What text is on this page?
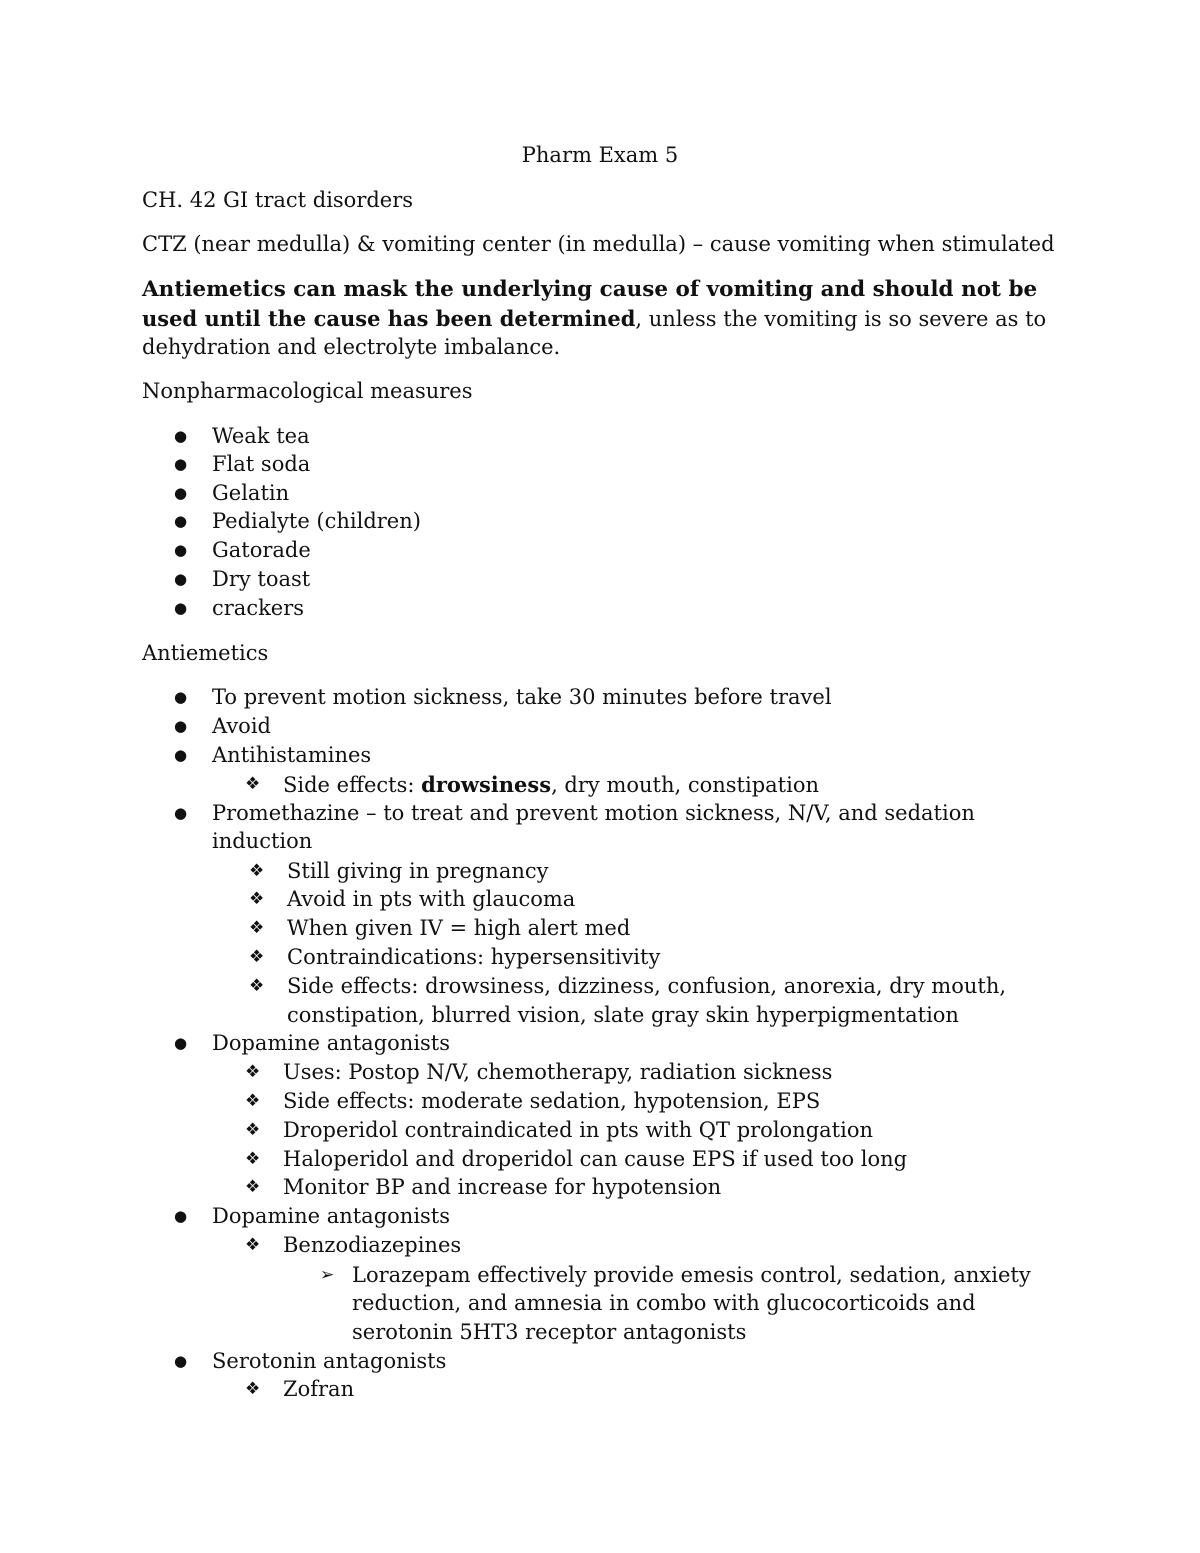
Pharm Exam 5
CH. 42 GI tract disorders
CTZ (near medulla) & vomiting center (in medulla) – cause vomiting when stimulated
Antiemetics can mask the underlying cause of vomiting and should not be
used until the cause has been determined, unless the vomiting is so severe as to
dehydration and electrolyte imbalance.
Nonpharmacological measures
● Weak tea
● Flat soda
● Gelatin
● Pedialyte (children)
● Gatorade
● Dry toast
● crackers
Antiemetics
● To prevent motion sickness, take 30 minutes before travel
● Avoid
● Antihistamines
❖ Side effects: drowsiness, dry mouth, constipation
● Promethazine – to treat and prevent motion sickness, N/V, and sedation
induction
❖ Still giving in pregnancy
❖ Avoid in pts with glaucoma
❖ When given IV = high alert med
❖ Contraindications: hypersensitivity
❖ Side effects: drowsiness, dizziness, confusion, anorexia, dry mouth,
constipation, blurred vision, slate gray skin hyperpigmentation
● Dopamine antagonists
❖ Uses: Postop N/V, chemotherapy, radiation sickness
❖ Side effects: moderate sedation, hypotension, EPS
❖ Droperidol contraindicated in pts with QT prolongation
❖ Haloperidol and droperidol can cause EPS if used too long
❖ Monitor BP and increase for hypotension
● Dopamine antagonists
❖ Benzodiazepines
➢ Lorazepam effectively provide emesis control, sedation, anxiety
reduction, and amnesia in combo with glucocorticoids and
serotonin 5HT3 receptor antagonists
● Serotonin antagonists
❖ Zofran
